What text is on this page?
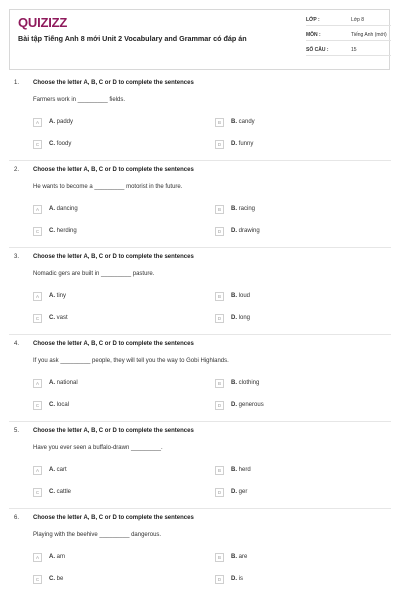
QUIZIZZ
Bài tập Tiếng Anh 8 mới Unit 2 Vocabulary and Grammar có đáp án
LỚP :	Lớp 8
MÔN :	Tiếng Anh (mới)
SỐ CÂU :	15
1. Choose the letter A, B, C or D to complete the sentences
Farmers work in _________ fields.
A	A. paddy	B	B. candy
C	C. foody	D	D. funny
2. Choose the letter A, B, C or D to complete the sentences
He wants to become a _________ motorist in the future.
A	A. dancing	B	B. racing
C	C. herding	D	D. drawing
3. Choose the letter A, B, C or D to complete the sentences
Nomadic gers are built in _________ pasture.
A	A. tiny	B	B. loud
C	C. vast	D	D. long
4. Choose the letter A, B, C or D to complete the sentences
If you ask _________ people, they will tell you the way to Gobi Highlands.
A	A. national	B	B. clothing
C	C. local	D	D. generous
5. Choose the letter A, B, C or D to complete the sentences
Have you ever seen a buffalo-drawn _________.
A	A. cart	B	B. herd
C	C. cattle	D	D. ger
6. Choose the letter A, B, C or D to complete the sentences
Playing with the beehive _________ dangerous.
A	A. am	B	B. are
C	C. be	D	D. is
